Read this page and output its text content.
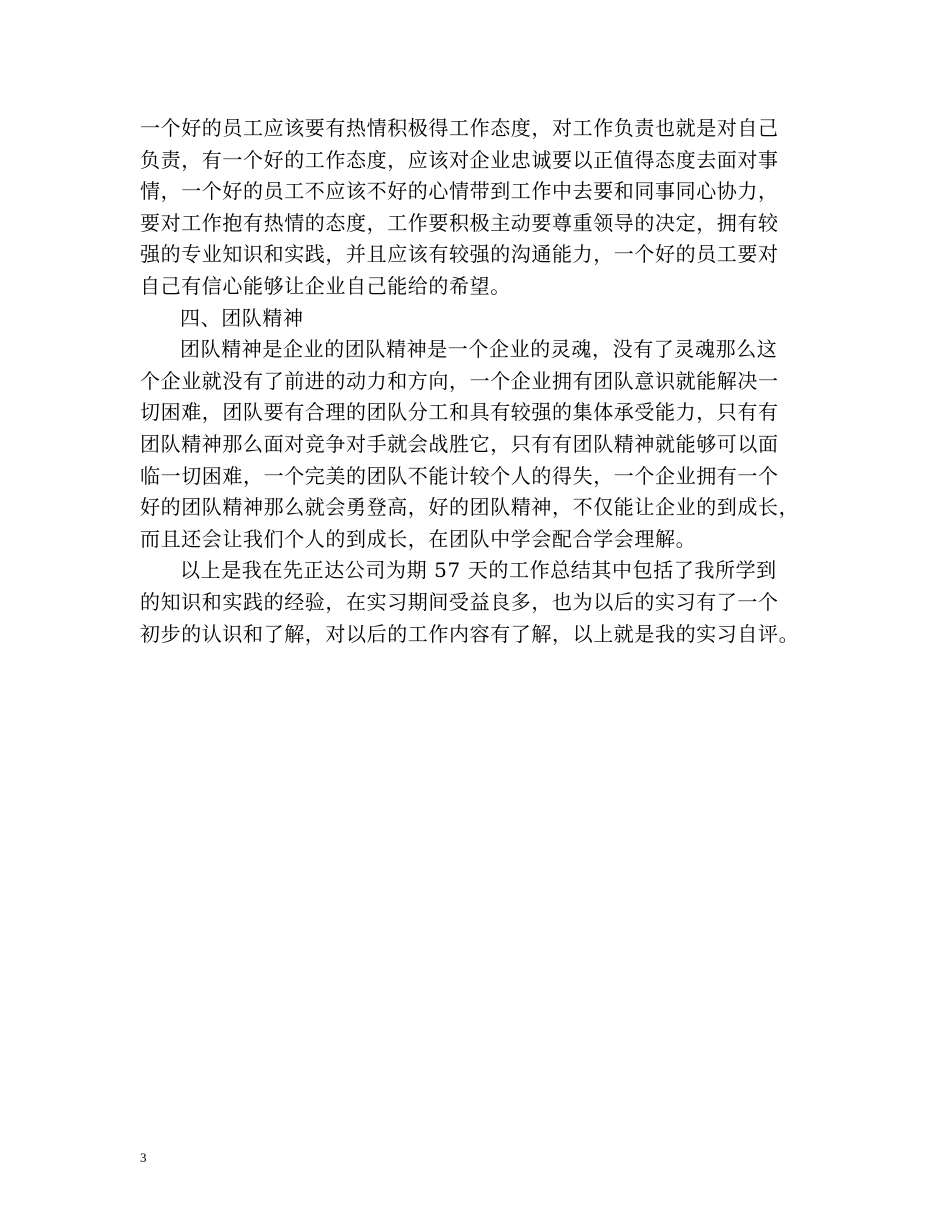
一个好的员工应该要有热情积极得工作态度，对工作负责也就是对自己
负责，有一个好的工作态度，应该对企业忠诚要以正值得态度去面对事
情，一个好的员工不应该不好的心情带到工作中去要和同事同心协力，
要对工作抱有热情的态度，工作要积极主动要尊重领导的决定，拥有较
强的专业知识和实践，并且应该有较强的沟通能力，一个好的员工要对
自己有信心能够让企业自己能给的希望。
四、团队精神
团队精神是企业的团队精神是一个企业的灵魂，没有了灵魂那么这
个企业就没有了前进的动力和方向，一个企业拥有团队意识就能解决一
切困难，团队要有合理的团队分工和具有较强的集体承受能力，只有有
团队精神那么面对竞争对手就会战胜它，只有有团队精神就能够可以面
临一切困难，一个完美的团队不能计较个人的得失，一个企业拥有一个
好的团队精神那么就会勇登高，好的团队精神，不仅能让企业的到成长，
而且还会让我们个人的到成长，在团队中学会配合学会理解。
以上是我在先正达公司为期 57 天的工作总结其中包括了我所学到
的知识和实践的经验，在实习期间受益良多，也为以后的实习有了一个
初步的认识和了解，对以后的工作内容有了解，以上就是我的实习自评。
3
